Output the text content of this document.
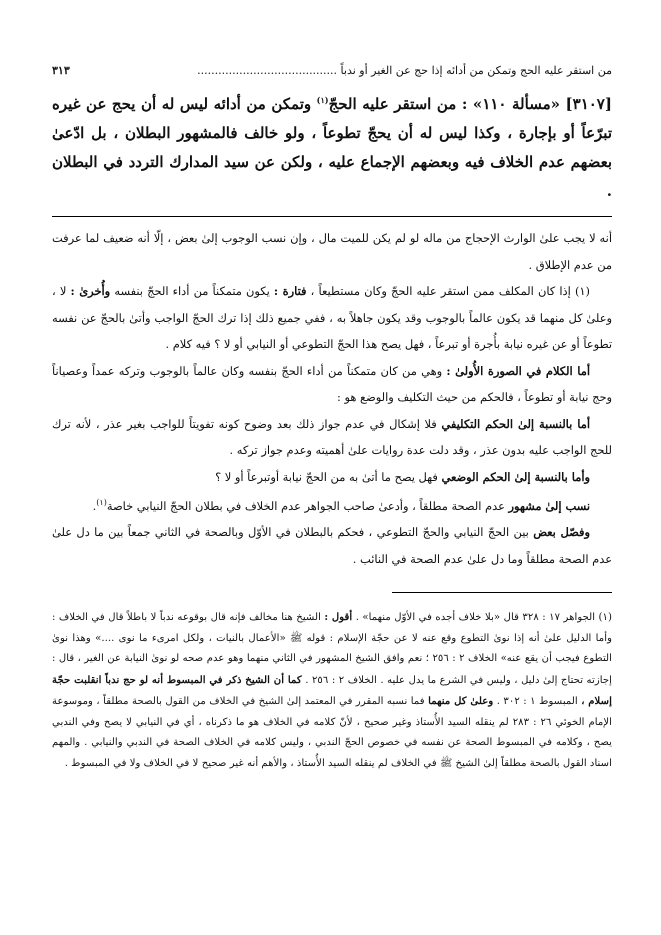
من استقر عليه الحج وتمكن من أدائه إذا حج عن الغير أو ندباً ........................................
٣١٣
[٣١٠٧] «مسألة ١١٠» : من استقر عليه الحجّ$^{(١)}$ وتمكن من أدائه ليس له أن يحج عن غيره تبرّعاً أو بإجارة ، وكذا ليس له أن يحجّ تطوعاً ، ولو خالف فالمشهور البطلان ، بل ادّعىٰ بعضهم عدم الخلاف فيه وبعضهم الإجماع عليه ، ولكن عن سيد المدارك التردد في البطلان .

أنه لا يجب علىٰ الوارث الإحجاج من ماله لو لم يكن للميت مال ، وإن نسب الوجوب إلىٰ بعض ، إلّا أنه ضعيف لما عرفت من عدم الإطلاق .

(١) إذا كان المكلف ممن استقر عليه الحجّ وكان مستطيعاً ، فتارة : يكون متمكناً من أداء الحجّ بنفسه وأُخرىٰ : لا ، وعلىٰ كل منهما قد يكون عالماً بالوجوب وقد يكون جاهلاً به ، ففي جميع ذلك إذا ترك الحجّ الواجب وأتىٰ بالحجّ عن نفسه تطوعاً أو عن غيره نيابة بأُجرة أو تبرعاً ، فهل يصح هذا الحجّ التطوعي أو النيابي أو لا ؟ فيه كلام .

أما الكلام في الصورة الأُولىٰ : وهي من كان متمكناً من أداء الحجّ بنفسه وكان عالماً بالوجوب وتركه عمداً وعصياناً وحج نيابة أو تطوعاً ، فالحكم من حيث التكليف والوضع هو :

أما بالنسبة إلىٰ الحكم التكليفي فلا إشكال في عدم جواز ذلك بعد وضوح كونه تفويتاً للواجب بغير عذر ، لأنه ترك للحج الواجب عليه بدون عذر ، وقد دلت عدة روايات علىٰ أهميته وعدم جواز تركه .

وأما بالنسبة إلىٰ الحكم الوضعي فهل يصح ما أتىٰ به من الحجّ نيابة أوتبرعاً أو لا ؟

نسب إلىٰ مشهور عدم الصحة مطلقاً ، وأدعىٰ صاحب الجواهر عدم الخلاف في بطلان الحجّ النيابي خاصة$^{(١)}$.

وفصّل بعض بين الحجّ النيابي والحجّ التطوعي ، فحكم بالبطلان في الأوّل وبالصحة في الثاني جمعاً بين ما دل علىٰ عدم الصحة مطلقاً وما دل علىٰ عدم الصحة في النائب .

(١) الجواهر ١٧ : ٣٢٨ قال «بلا خلاف أجده في الأوّل منهما» . أقول : الشيخ هنا مخالف فإنه قال بوقوعه ندباً لا باطلاً قال في الخلاف : وأما الدليل علىٰ أنه إذا نوىٰ التطوع وقع عنه لا عن حجّة الإسلام : قوله ﷺ «الأعمال بالنيات ، ولكل امرىء ما نوى ....» وهذا نوىٰ التطوع فيجب أن يقع عنه» الخلاف ٢ : ٢٥٦ ؛ نعم وافق الشيخ المشهور في الثاني منهما وهو عدم صحه لو نوىٰ النيابة عن الغير ، قال : إجازته تحتاج إلىٰ دليل ، وليس في الشرع ما يدل عليه . الخلاف ٢ : ٢٥٦ . كما أن الشيخ ذكر في المبسوط أنه لو حج ندباً انقلبت حجّة إسلام ، المبسوط ١ : ٣٠٢ . وعلىٰ كل منهما فما نسبه المقرر في المعتمد إلىٰ الشيخ في الخلاف من القول بالصحة مطلقاً ، وموسوعة الإمام الخوئي ٢٦ : ٢٨٣ لم ينقله السيد الأُستاذ وغير صحيح ، لأنّ كلامه في الخلاف هو ما ذكرناه ، أي في النيابي لا يصح وفي الندبي يصح ، وكلامه في المبسوط الصحة عن نفسه في خصوص الحجّ الندبي ، وليس كلامه في الخلاف الصحة في الندبي والنيابي . والمهم اسناد القول بالصحة مطلقاً إلىٰ الشيخ ﷺ في الخلاف لم ينقله السيد الأُستاذ ، والأهم أنه غير صحيح لا في الخلاف ولا في المبسوط .
